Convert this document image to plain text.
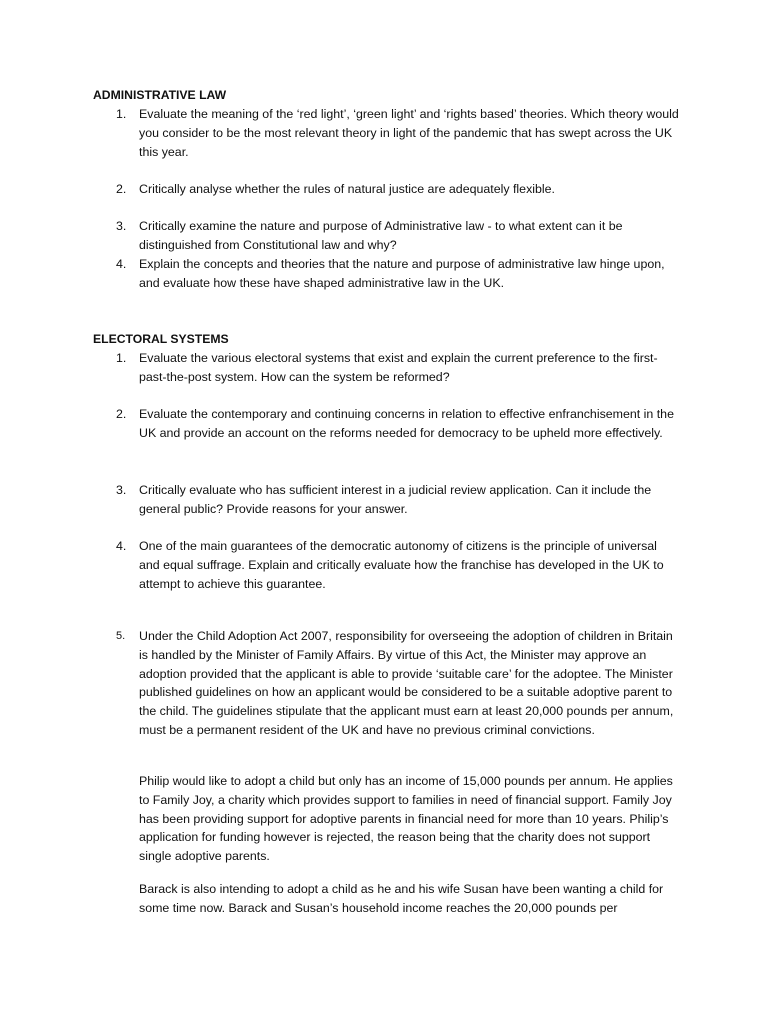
ADMINISTRATIVE LAW
1. Evaluate the meaning of the ‘red light’, ‘green light’ and ‘rights based’ theories. Which theory would you consider to be the most relevant theory in light of the pandemic that has swept across the UK this year.
2. Critically analyse whether the rules of natural justice are adequately flexible.
3. Critically examine the nature and purpose of Administrative law - to what extent can it be distinguished from Constitutional law and why?
4. Explain the concepts and theories that the nature and purpose of administrative law hinge upon, and evaluate how these have shaped administrative law in the UK.
ELECTORAL SYSTEMS
1. Evaluate the various electoral systems that exist and explain the current preference to the first-past-the-post system. How can the system be reformed?
2. Evaluate the contemporary and continuing concerns in relation to effective enfranchisement in the UK and provide an account on the reforms needed for democracy to be upheld more effectively.
3. Critically evaluate who has sufficient interest in a judicial review application. Can it include the general public? Provide reasons for your answer.
4. One of the main guarantees of the democratic autonomy of citizens is the principle of universal and equal suffrage. Explain and critically evaluate how the franchise has developed in the UK to attempt to achieve this guarantee.
5. Under the Child Adoption Act 2007, responsibility for overseeing the adoption of children in Britain is handled by the Minister of Family Affairs. By virtue of this Act, the Minister may approve an adoption provided that the applicant is able to provide ‘suitable care’ for the adoptee. The Minister published guidelines on how an applicant would be considered to be a suitable adoptive parent to the child. The guidelines stipulate that the applicant must earn at least 20,000 pounds per annum, must be a permanent resident of the UK and have no previous criminal convictions.
Philip would like to adopt a child but only has an income of 15,000 pounds per annum. He applies to Family Joy, a charity which provides support to families in need of financial support. Family Joy has been providing support for adoptive parents in financial need for more than 10 years. Philip’s application for funding however is rejected, the reason being that the charity does not support single adoptive parents.
Barack is also intending to adopt a child as he and his wife Susan have been wanting a child for some time now. Barack and Susan’s household income reaches the 20,000 pounds per
